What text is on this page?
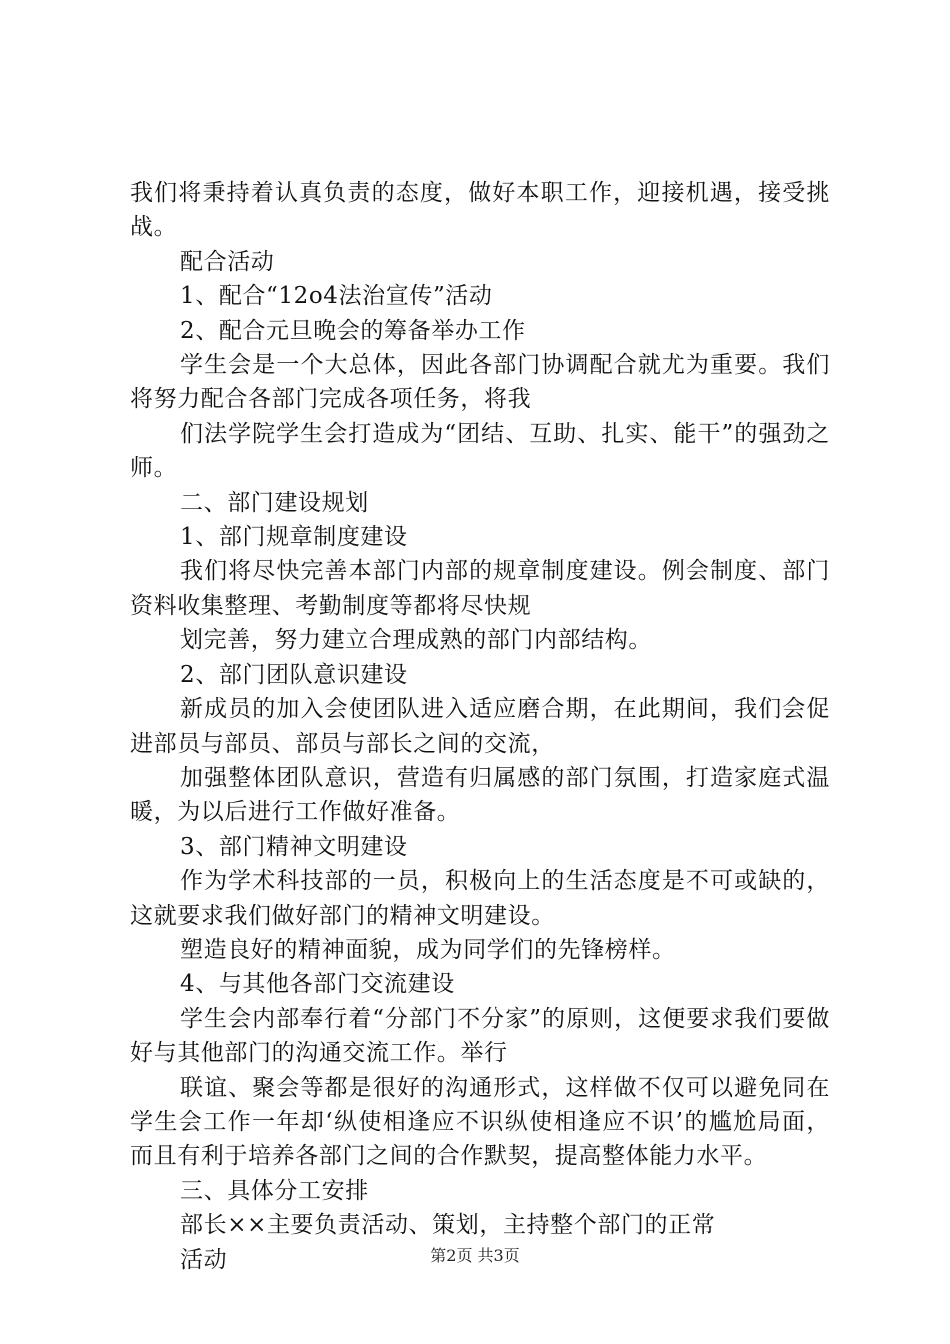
我们将秉持着认真负责的态度，做好本职工作，迎接机遇，接受挑战。

配合活动

1、配合“12o4法治宣传”活动

2、配合元旦晚会的筹备举办工作

学生会是一个大总体，因此各部门协调配合就尤为重要。我们将努力配合各部门完成各项任务，将我

们法学院学生会打造成为“团结、互助、扎实、能干”的强劲之师。

二、部门建设规划

1、部门规章制度建设

我们将尽快完善本部门内部的规章制度建设。例会制度、部门资料收集整理、考勤制度等都将尽快规

划完善，努力建立合理成熟的部门内部结构。

2、部门团队意识建设

新成员的加入会使团队进入适应磨合期，在此期间，我们会促进部员与部员、部员与部长之间的交流，

加强整体团队意识，营造有归属感的部门氛围，打造家庭式温暖，为以后进行工作做好准备。

3、部门精神文明建设

作为学术科技部的一员，积极向上的生活态度是不可或缺的，这就要求我们做好部门的精神文明建设。

塑造良好的精神面貌，成为同学们的先锋榜样。

4、与其他各部门交流建设

学生会内部奉行着“分部门不分家”的原则，这便要求我们要做好与其他部门的沟通交流工作。举行

联谊、聚会等都是很好的沟通形式，这样做不仅可以避免同在学生会工作一年却‘纵使相逢应不识纵使相逢应不识’的尴尬局面，而且有利于培养各部门之间的合作默契，提高整体能力水平。

三、具体分工安排

部长××主要负责活动、策划，主持整个部门的正常

活动	第2页 共3页
